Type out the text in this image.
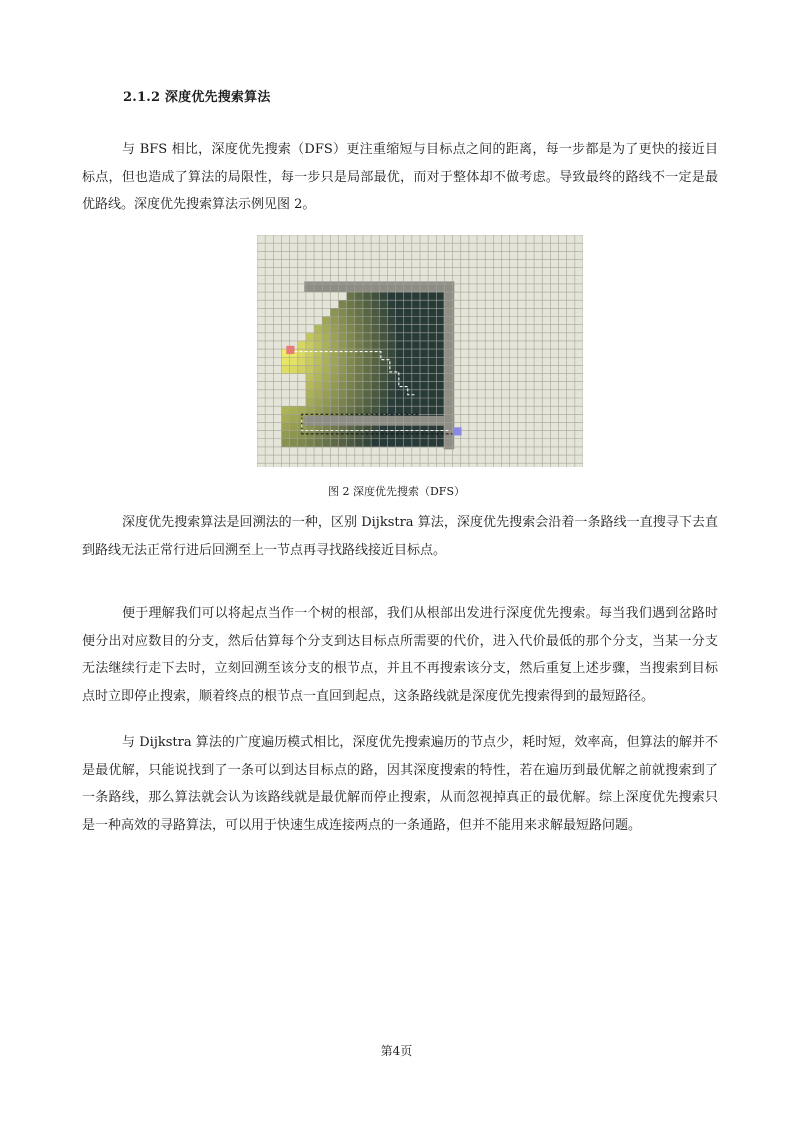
2.1.2 深度优先搜索算法

与 BFS 相比，深度优先搜索（DFS）更注重缩短与目标点之间的距离，每一步都是为了更快的接近目标点，但也造成了算法的局限性，每一步只是局部最优，而对于整体却不做考虑。导致最终的路线不一定是最优路线。深度优先搜索算法示例见图 2。

图 2 深度优先搜索（DFS）

深度优先搜索算法是回溯法的一种，区别 Dijkstra 算法，深度优先搜索会沿着一条路线一直搜寻下去直到路线无法正常行进后回溯至上一节点再寻找路线接近目标点。

便于理解我们可以将起点当作一个树的根部，我们从根部出发进行深度优先搜索。每当我们遇到岔路时便分出对应数目的分支，然后估算每个分支到达目标点所需要的代价，进入代价最低的那个分支，当某一分支无法继续行走下去时，立刻回溯至该分支的根节点，并且不再搜索该分支，然后重复上述步骤，当搜索到目标点时立即停止搜索，顺着终点的根节点一直回到起点，这条路线就是深度优先搜索得到的最短路径。

与 Dijkstra 算法的广度遍历模式相比，深度优先搜索遍历的节点少，耗时短，效率高，但算法的解并不是最优解，只能说找到了一条可以到达目标点的路，因其深度搜索的特性，若在遍历到最优解之前就搜索到了一条路线，那么算法就会认为该路线就是最优解而停止搜索，从而忽视掉真正的最优解。综上深度优先搜索只是一种高效的寻路算法，可以用于快速生成连接两点的一条通路，但并不能用来求解最短路问题。

第4页
